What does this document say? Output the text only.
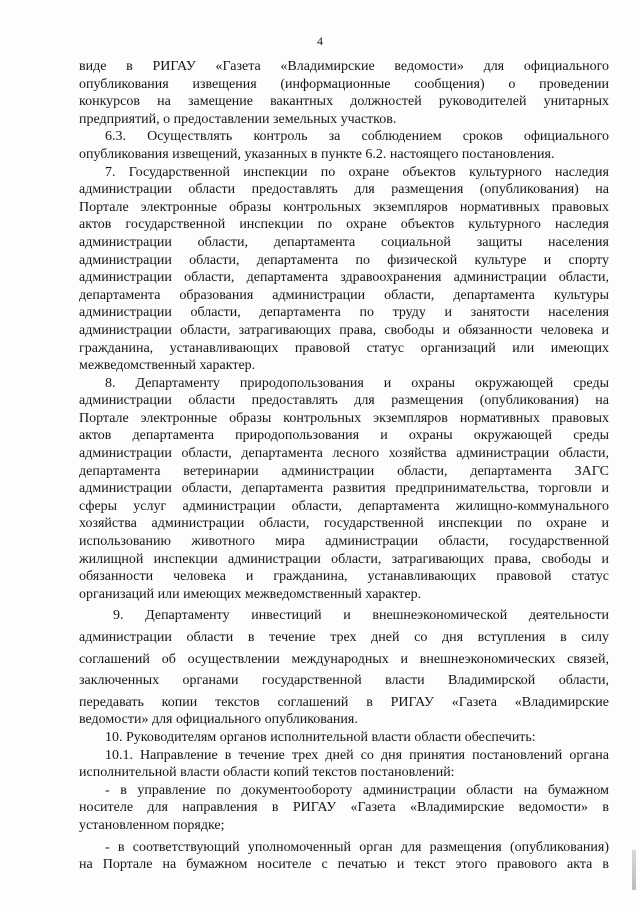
4
виде в РИГАУ «Газета «Владимирские ведомости» для официального
опубликования извещения (информационные сообщения) о проведении
конкурсов на замещение вакантных должностей руководителей унитарных
предприятий, о предоставлении земельных участков.
6.3. Осуществлять контроль за соблюдением сроков официального
опубликования извещений, указанных в пункте 6.2. настоящего постановления.
7. Государственной инспекции по охране объектов культурного наследия
администрации области предоставлять для размещения (опубликования) на
Портале электронные образы контрольных экземпляров нормативных правовых
актов государственной инспекции по охране объектов культурного наследия
администрации области, департамента социальной защиты населения
администрации области, департамента по физической культуре и спорту
администрации области, департамента здравоохранения администрации области,
департамента образования администрации области, департамента культуры
администрации области, департамента по труду и занятости населения
администрации области, затрагивающих права, свободы и обязанности человека и
гражданина, устанавливающих правовой статус организаций или имеющих
межведомственный характер.
8. Департаменту природопользования и охраны окружающей среды
администрации области предоставлять для размещения (опубликования) на
Портале электронные образы контрольных экземпляров нормативных правовых
актов департамента природопользования и охраны окружающей среды
администрации области, департамента лесного хозяйства администрации области,
департамента ветеринарии администрации области, департамента ЗАГС
администрации области, департамента развития предпринимательства, торговли и
сферы услуг администрации области, департамента жилищно-коммунального
хозяйства администрации области, государственной инспекции по охране и
использованию животного мира администрации области, государственной
жилищной инспекции администрации области, затрагивающих права, свободы и
обязанности человека и гражданина, устанавливающих правовой статус
организаций или имеющих межведомственный характер.
9. Департаменту инвестиций и внешнеэкономической деятельности
администрации области в течение трех дней со дня вступления в силу
соглашений об осуществлении международных и внешнеэкономических связей,
заключенных органами государственной власти Владимирской области,
передавать копии текстов соглашений в РИГАУ «Газета «Владимирские
ведомости» для официального опубликования.
10. Руководителям органов исполнительной власти области обеспечить:
10.1. Направление в течение трех дней со дня принятия постановлений органа
исполнительной власти области копий текстов постановлений:
- в управление по документообороту администрации области на бумажном
носителе для направления в РИГАУ «Газета «Владимирские ведомости» в
установленном порядке;
- в соответствующий уполномоченный орган для размещения (опубликования)
на Портале на бумажном носителе с печатью и текст этого правового акта в
